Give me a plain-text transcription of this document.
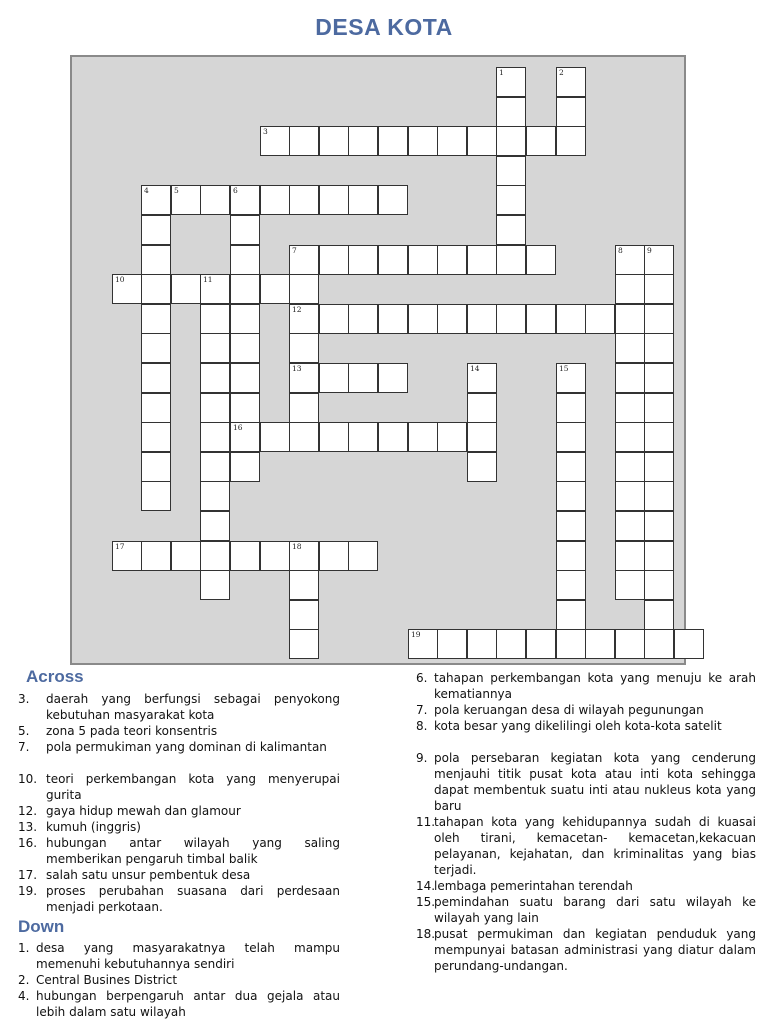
DESA KOTA
3
5	6
7
10	11
12
13
16
17	18
19
1	2
4
8	9
14	15
Across
3.	daerah yang berfungsi sebagai penyokong kebutuhan masyarakat kota
5.	zona 5 pada teori konsentris
7.	pola permukiman yang dominan di kalimantan
10. teori perkembangan kota yang menyerupai gurita
12. gaya hidup mewah dan glamour
13. kumuh (inggris)
16. hubungan antar wilayah yang saling memberikan pengaruh timbal balik
17. salah satu unsur pembentuk desa
19. proses perubahan suasana dari perdesaan menjadi perkotaan.
Down
1. desa yang masyarakatnya telah mampu memenuhi kebutuhannya sendiri
2. Central Busines District
4. hubungan berpengaruh antar dua gejala atau lebih dalam satu wilayah
6. tahapan perkembangan kota yang menuju ke arah kematiannya
7. pola keruangan desa di wilayah pegunungan
8. kota besar yang dikelilingi oleh kota-kota satelit
9. pola persebaran kegiatan kota yang cenderung menjauhi titik pusat kota atau inti kota sehingga dapat membentuk suatu inti atau nukleus kota yang baru
11.
tahapan kota yang kehidupannya sudah di kuasai oleh tirani, kemacetan- kemacetan,kekacuan pelayanan, kejahatan, dan kriminalitas yang bias terjadi.
14.
lembaga pemerintahan terendah
15.
pemindahan suatu barang dari satu wilayah ke wilayah yang lain
18.
pusat permukiman dan kegiatan penduduk yang mempunyai batasan administrasi yang diatur dalam perundang-undangan.
